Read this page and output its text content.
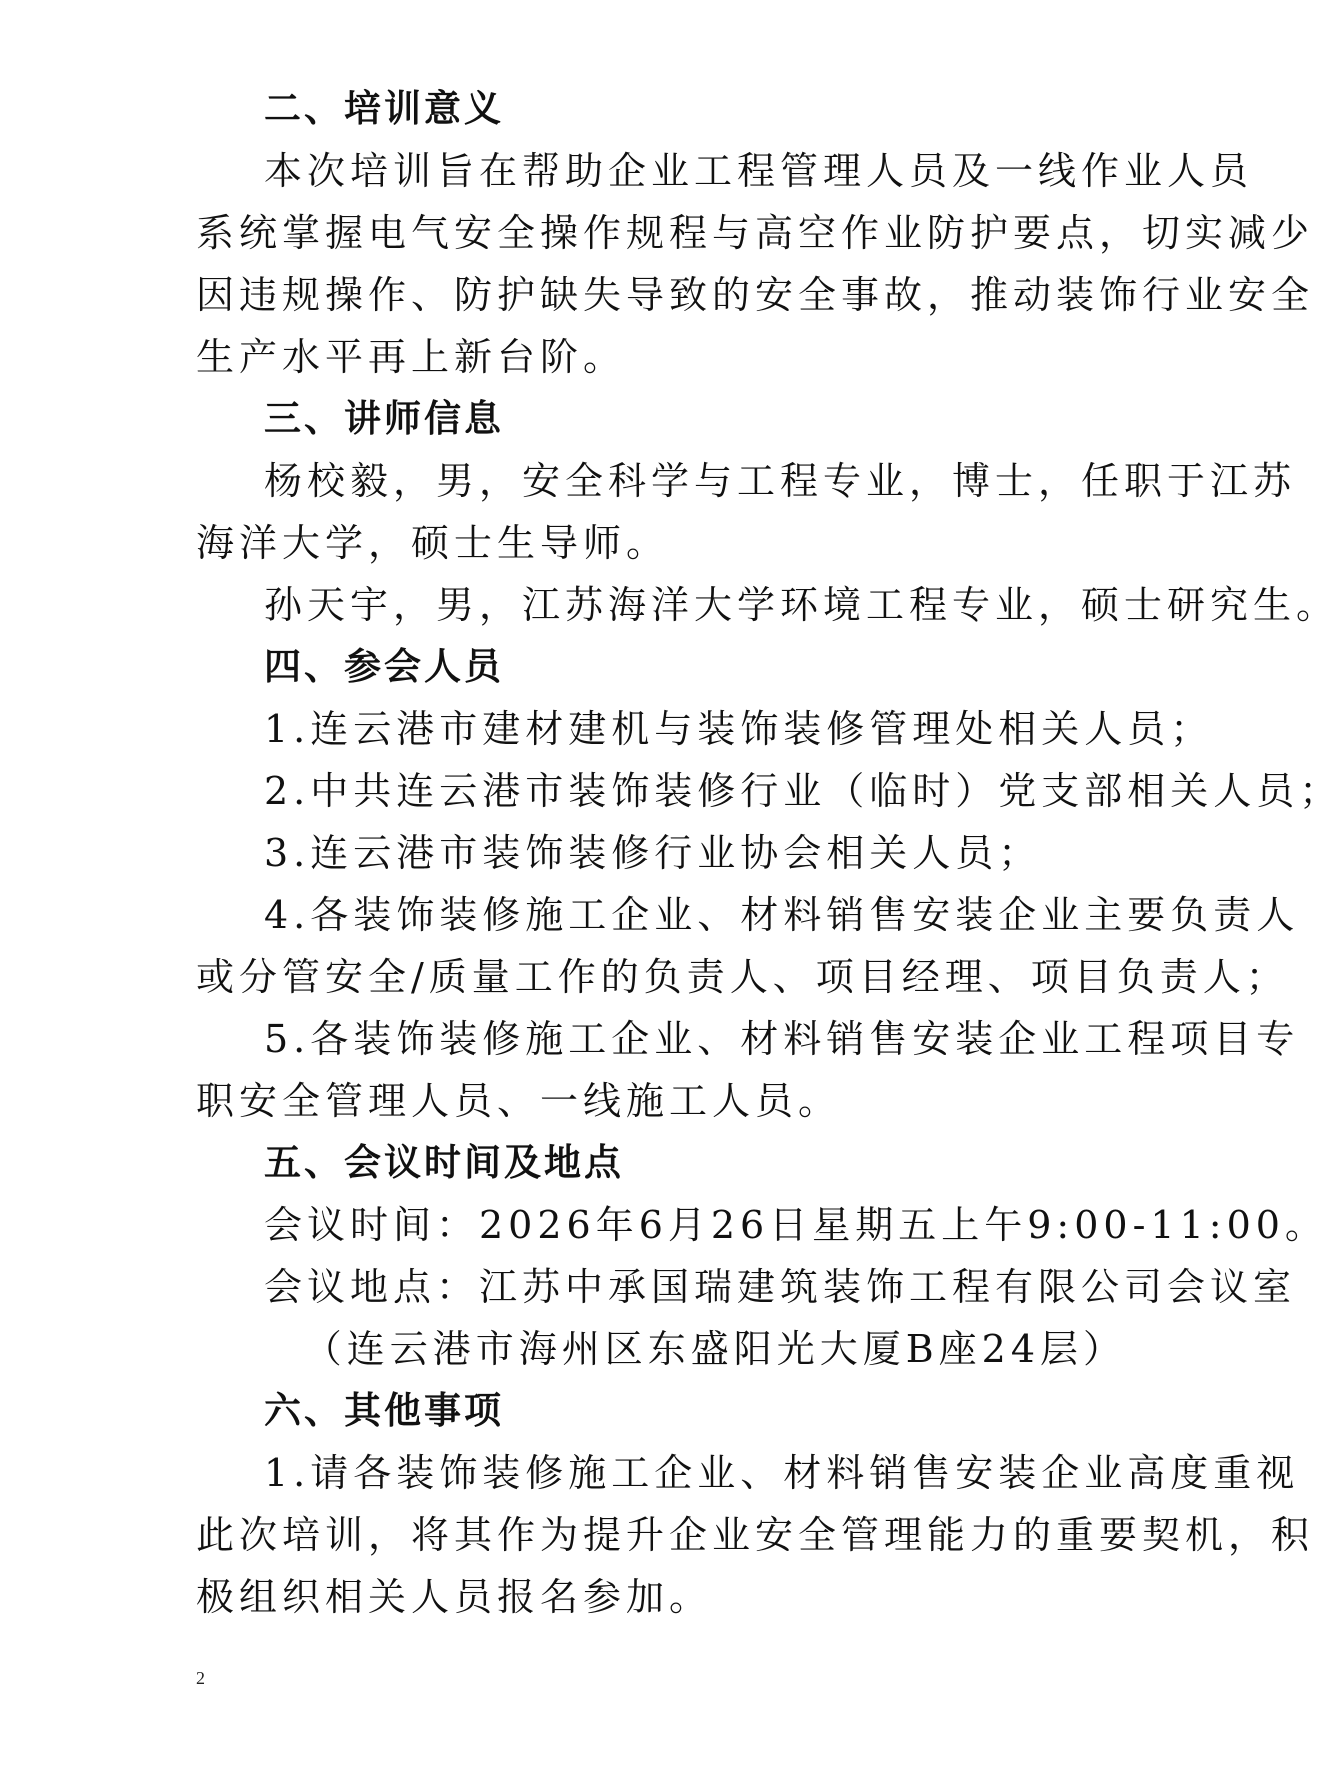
二、培训意义

本次培训旨在帮助企业工程管理人员及一线作业人员

系统掌握电气安全操作规程与高空作业防护要点，切实减少

因违规操作、防护缺失导致的安全事故，推动装饰行业安全

生产水平再上新台阶。

三、讲师信息

杨校毅，男，安全科学与工程专业，博士，任职于江苏

海洋大学，硕士生导师。

孙天宇，男，江苏海洋大学环境工程专业，硕士研究生。

四、参会人员

1.连云港市建材建机与装饰装修管理处相关人员；

2.中共连云港市装饰装修行业（临时）党支部相关人员；

3.连云港市装饰装修行业协会相关人员；

4.各装饰装修施工企业、材料销售安装企业主要负责人

或分管安全/质量工作的负责人、项目经理、项目负责人；

5.各装饰装修施工企业、材料销售安装企业工程项目专

职安全管理人员、一线施工人员。

五、会议时间及地点

会议时间：2026年6月26日星期五上午9:00-11:00。

会议地点：江苏中承国瑞建筑装饰工程有限公司会议室

（连云港市海州区东盛阳光大厦B座24层）

六、其他事项

1.请各装饰装修施工企业、材料销售安装企业高度重视

此次培训，将其作为提升企业安全管理能力的重要契机，积

极组织相关人员报名参加。

2
